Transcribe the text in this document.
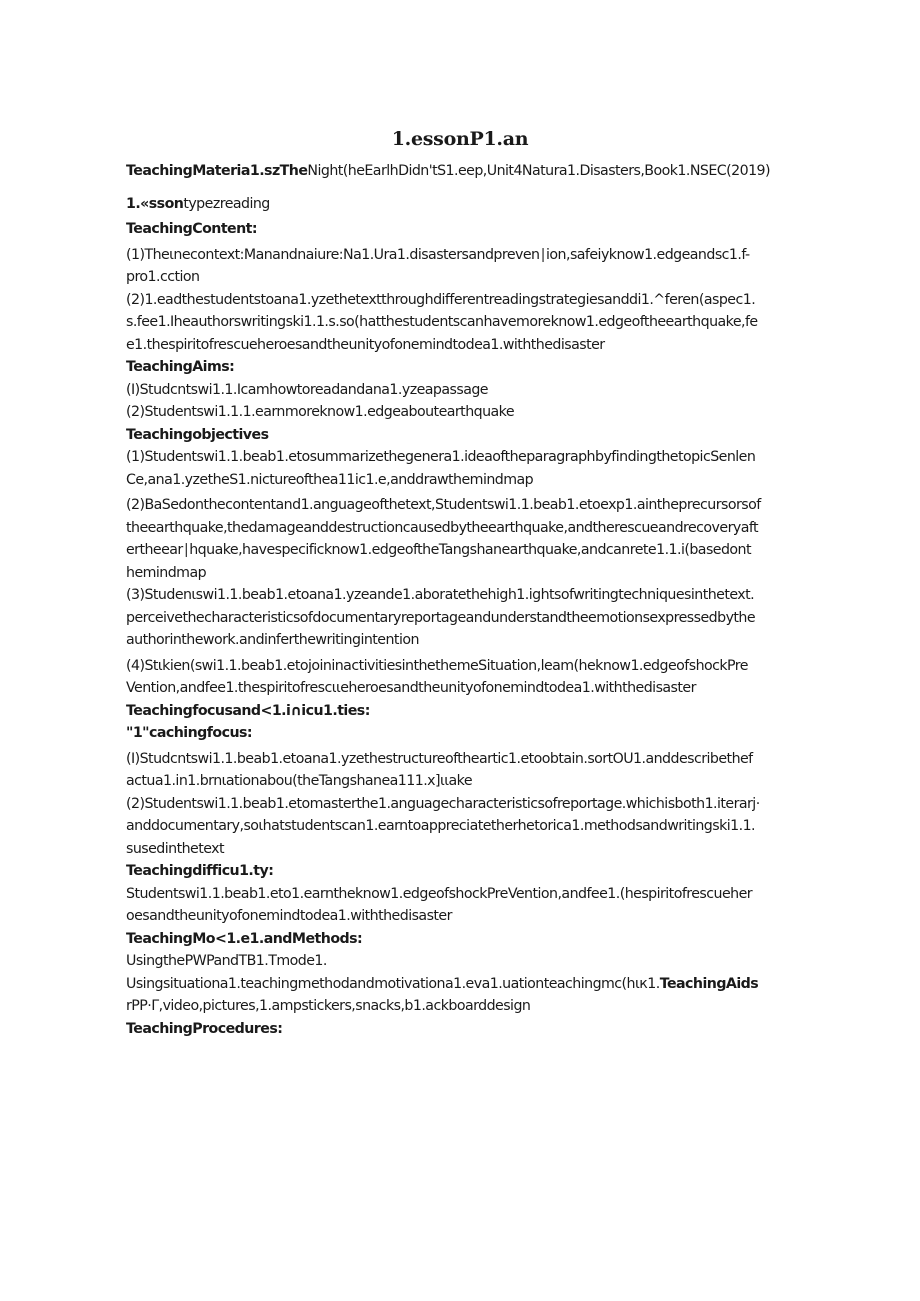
1.essonP1.an
TeachingMateria1.szTheNight(heEarlhDidn'tS1.eep,Unit4Natura1.Disasters,Book1.NSEC(2019)
1.«ssontypezreading
TeachingContent:
(1)Theιnecontext:Manandnaiure:Na1.Ura1.disastersandpreven∣ion,safeiyknow1.edgeandsc1.f-
pro1.cction
(2)1.eadthestudentstoana1.yzethetextthroughdifferentreadingstrategiesanddi1.^feren(aspec1.
s.fee1.Iheauthorswritingski1.1.s.so(hatthestudentscanhavemoreknow1.edgeoftheearthquake,fe
e1.thespiritofrescueheroesandtheunityofonemindtodea1.withthedisaster
TeachingAims:
(I)Studcntswi1.1.Icamhowtoreadandana1.yzeapassage
(2)Studentswi1.1.1.earnmoreknow1.edgeaboutearthquake
Teachingobjectives
(1)Studentswi1.1.beab1.etosummarizethegenera1.ideaoftheparagraphbyfindingthetopicSenlen
Ce,ana1.yzetheS1.nictureofthea11ic1.e,anddrawthemindmap
(2)BaSedonthecontentand1.anguageofthetext,Studentswi1.1.beab1.etoexp1.aintheprecursorsof
theearthquake,thedamageanddestructioncausedbytheearthquake,andtherescueandrecoveryaft
ertheear∣hquake,havespecificknow1.edgeoftheTangshanearthquake,andcanrete1.1.i(basedont
hemindmap
(3)Studenιswi1.1.beab1.etoana1.yzeande1.aboratethehigh1.ightsofwritingtechniquesinthetext.
perceivethecharacteristicsofdocumentaryreportageandunderstandtheemotionsexpressedbythe
authorinthework.andinferthewritingintention
(4)Stιkien(swi1.1.beab1.etojoininactivitiesinthethemeSituation,leam(heknow1.edgeofshockPre
Vention,andfee1.thespiritofrescιιeheroesandtheunityofonemindtodea1.withthedisaster
Teachingfocusand<1.i∩icu1.ties:
"1"cachingfocus:
(I)Studcntswi1.1.beab1.etoana1.yzethestructureoftheartic1.etoobtain.sortOU1.anddescribethef
actua1.in1.brnιationabou(theTangshanea111.x]ιιake
(2)Studentswi1.1.beab1.etomasterthe1.anguagecharacteristicsofreportage.whichisboth1.iterarj·
anddocumentary,soιhatstudentscan1.earntoappreciatetherhetorica1.methodsandwritingski1.1.
susedinthetext
Teachingdifficu1.ty:
Studentswi1.1.beab1.eto1.earntheknow1.edgeofshockPreVention,andfee1.(hespiritofrescueher
oesandtheunityofonemindtodea1.withthedisaster
TeachingMo<1.e1.andMethods:
UsingthePWPandTB1.Tmode1.
Usingsituationa1.teachingmethodandmotivationa1.eva1.uationteachingmc(hιк1.TeachingAids
rPP·Γ,video,pictures,1.ampstickers,snacks,b1.ackboarddesign
TeachingProcedures:
